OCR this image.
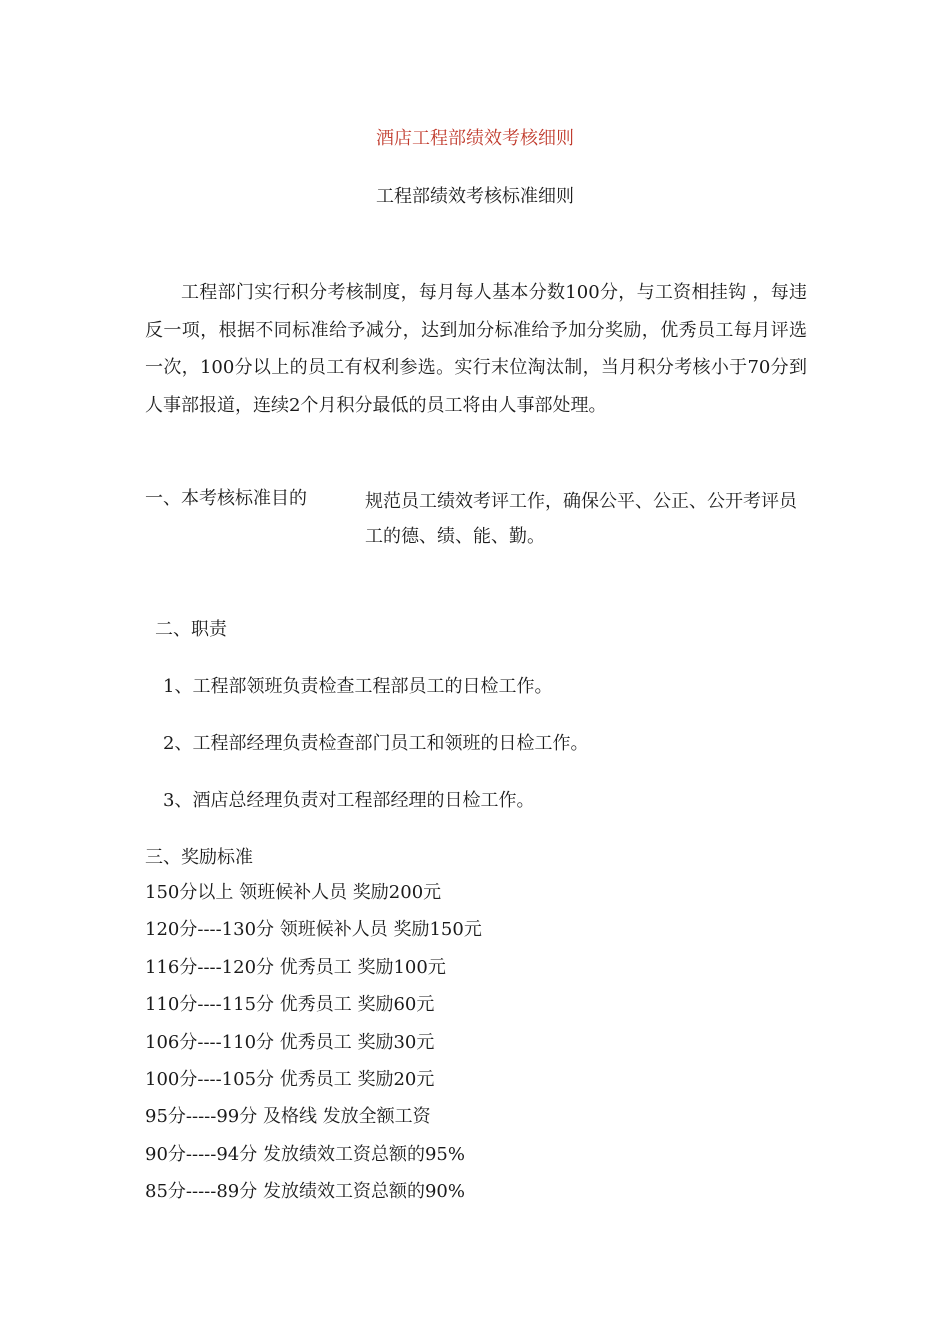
酒店工程部绩效考核细则
工程部绩效考核标准细则

工程部门实行积分考核制度，每月每人基本分数100分，与工资相挂钩 ，每违反一项，根据不同标准给予减分，达到加分标准给予加分奖励，优秀员工每月评选一次，100分以上的员工有权利参选。实行末位淘汰制，当月积分考核小于70分到人事部报道，连续2个月积分最低的员工将由人事部处理。

一、本考核标准目的	规范员工绩效考评工作，确保公平、公正、公开考评员工的德、绩、能、勤。

二、职责
1、工程部领班负责检查工程部员工的日检工作。
2、工程部经理负责检查部门员工和领班的日检工作。
3、酒店总经理负责对工程部经理的日检工作。
三、奖励标准
150分以上 领班候补人员 奖励200元
120分----130分 领班候补人员 奖励150元
116分----120分 优秀员工 奖励100元
110分----115分 优秀员工 奖励60元
106分----110分 优秀员工 奖励30元
100分----105分 优秀员工 奖励20元
95分-----99分 及格线 发放全额工资
90分-----94分 发放绩效工资总额的95%
85分-----89分 发放绩效工资总额的90%
